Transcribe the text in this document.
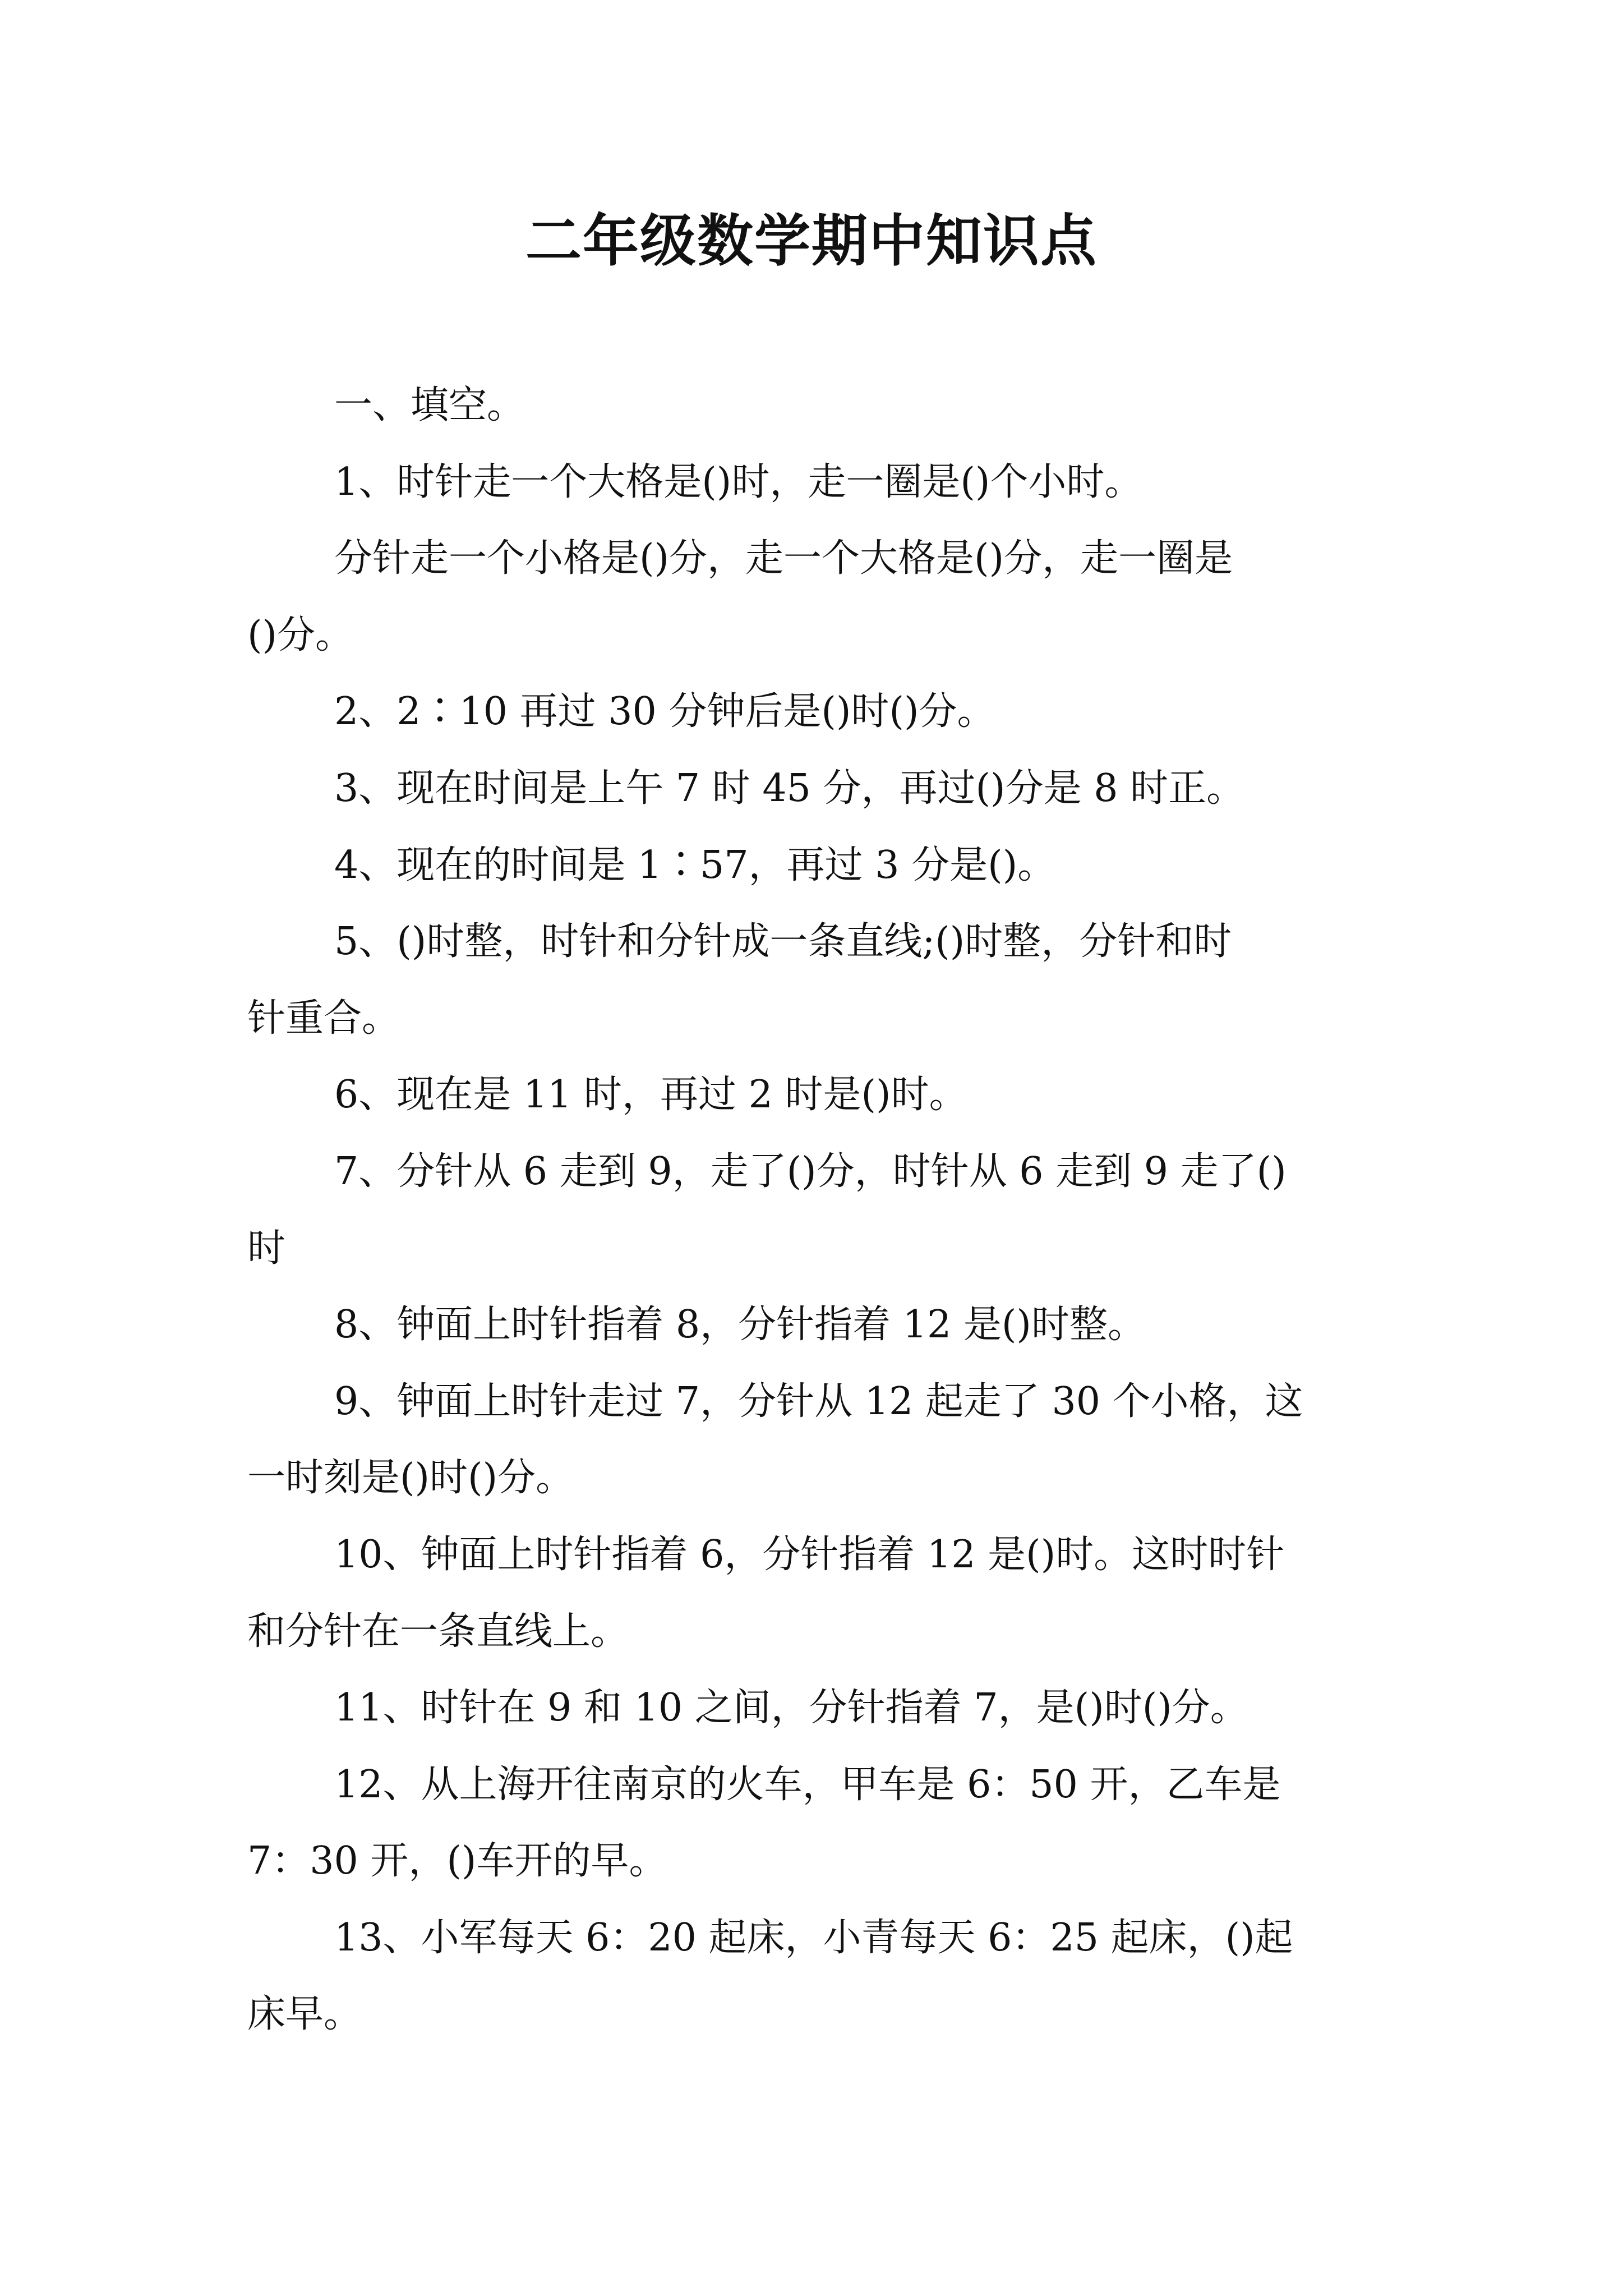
二年级数学期中知识点
一、填空。
1、时针走一个大格是()时，走一圈是()个小时。
分针走一个小格是()分，走一个大格是()分，走一圈是
()分。
2、2∶10 再过 30 分钟后是()时()分。
3、现在时间是上午 7 时 45 分，再过()分是 8 时正。
4、现在的时间是 1∶57，再过 3 分是()。
5、()时整，时针和分针成一条直线;()时整，分针和时
针重合。
6、现在是 11 时，再过 2 时是()时。
7、分针从 6 走到 9，走了()分，时针从 6 走到 9 走了()
时
8、钟面上时针指着 8，分针指着 12 是()时整。
9、钟面上时针走过 7，分针从 12 起走了 30 个小格，这
一时刻是()时()分。
10、钟面上时针指着 6，分针指着 12 是()时。这时时针
和分针在一条直线上。
11、时针在 9 和 10 之间，分针指着 7，是()时()分。
12、从上海开往南京的火车，甲车是 6：50 开，乙车是
7：30 开，()车开的早。
13、小军每天 6：20 起床，小青每天 6：25 起床，()起
床早。
